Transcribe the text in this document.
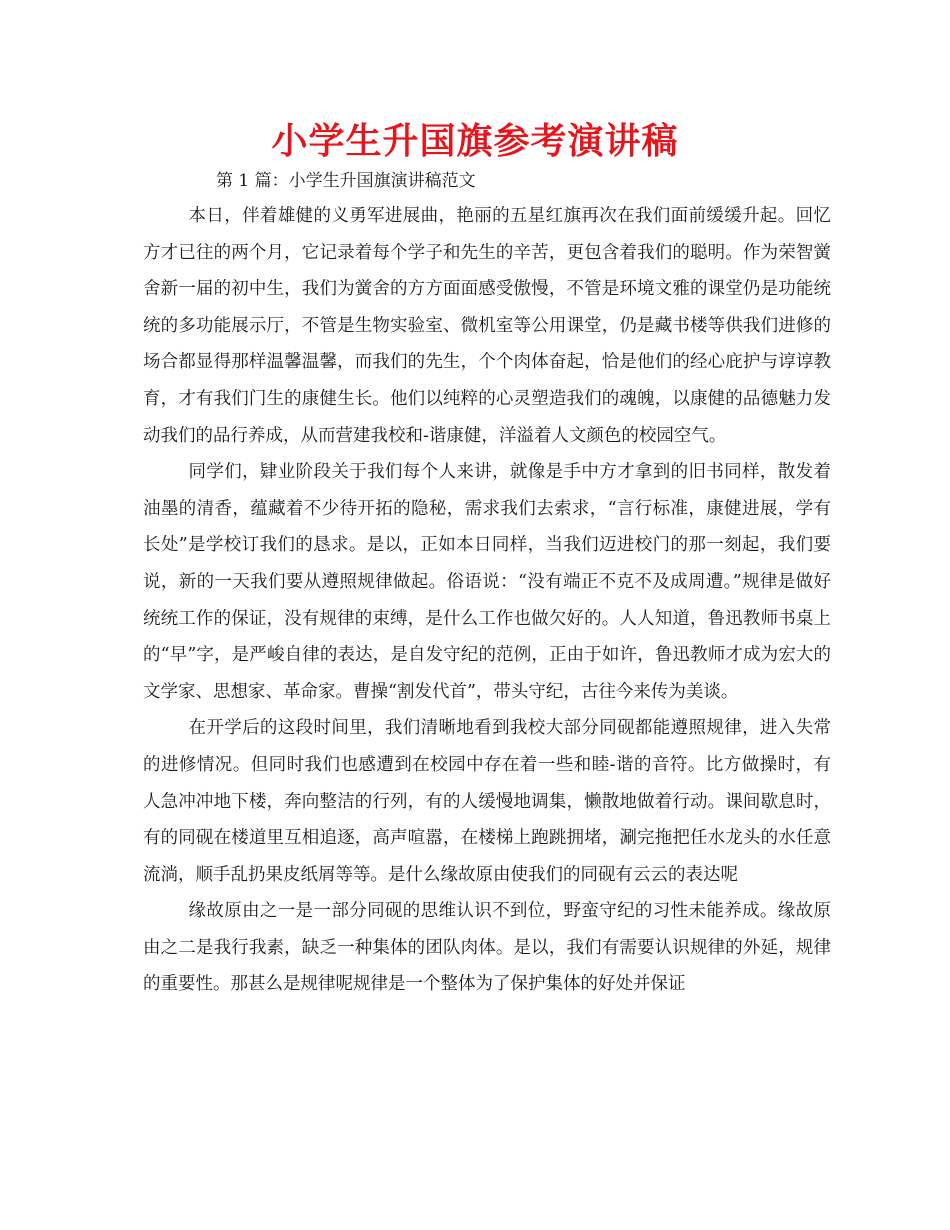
小学生升国旗参考演讲稿

第 1 篇：小学生升国旗演讲稿范文

本日，伴着雄健的义勇军进展曲，艳丽的五星红旗再次在我们面前缓缓升起。回忆方才已往的两个月，它记录着每个学子和先生的辛苦，更包含着我们的聪明。作为荣智黉舍新一届的初中生，我们为黉舍的方方面面感受傲慢，不管是环境文雅的课堂仍是功能统统的多功能展示厅，不管是生物实验室、微机室等公用课堂，仍是藏书楼等供我们进修的场合都显得那样温馨温馨，而我们的先生，个个肉体奋起，恰是他们的经心庇护与谆谆教育，才有我们门生的康健生长。他们以纯粹的心灵塑造我们的魂魄，以康健的品德魅力发动我们的品行养成，从而营建我校和-谐康健，洋溢着人文颜色的校园空气。

同学们，肄业阶段关于我们每个人来讲，就像是手中方才拿到的旧书同样，散发着油墨的清香，蕴藏着不少待开拓的隐秘，需求我们去索求，“言行标准，康健进展，学有长处”是学校订我们的恳求。是以，正如本日同样，当我们迈进校门的那一刻起，我们要说，新的一天我们要从遵照规律做起。俗语说：“没有端正不克不及成周遭。”规律是做好统统工作的保证，没有规律的束缚，是什么工作也做欠好的。人人知道，鲁迅教师书桌上的“早”字，是严峻自律的表达，是自发守纪的范例，正由于如许，鲁迅教师才成为宏大的文学家、思想家、革命家。曹操“割发代首”，带头守纪，古往今来传为美谈。

在开学后的这段时间里，我们清晰地看到我校大部分同砚都能遵照规律，进入失常的进修情况。但同时我们也感遭到在校园中存在着一些和睦-谐的音符。比方做操时，有人急冲冲地下楼，奔向整洁的行列，有的人缓慢地调集，懒散地做着行动。课间歇息时，有的同砚在楼道里互相追逐，高声喧嚣，在楼梯上跑跳拥堵，涮完拖把任水龙头的水任意流淌，顺手乱扔果皮纸屑等等。是什么缘故原由使我们的同砚有云云的表达呢

缘故原由之一是一部分同砚的思维认识不到位，野蛮守纪的习性未能养成。缘故原由之二是我行我素，缺乏一种集体的团队肉体。是以，我们有需要认识规律的外延，规律的重要性。那甚么是规律呢规律是一个整体为了保护集体的好处并保证
